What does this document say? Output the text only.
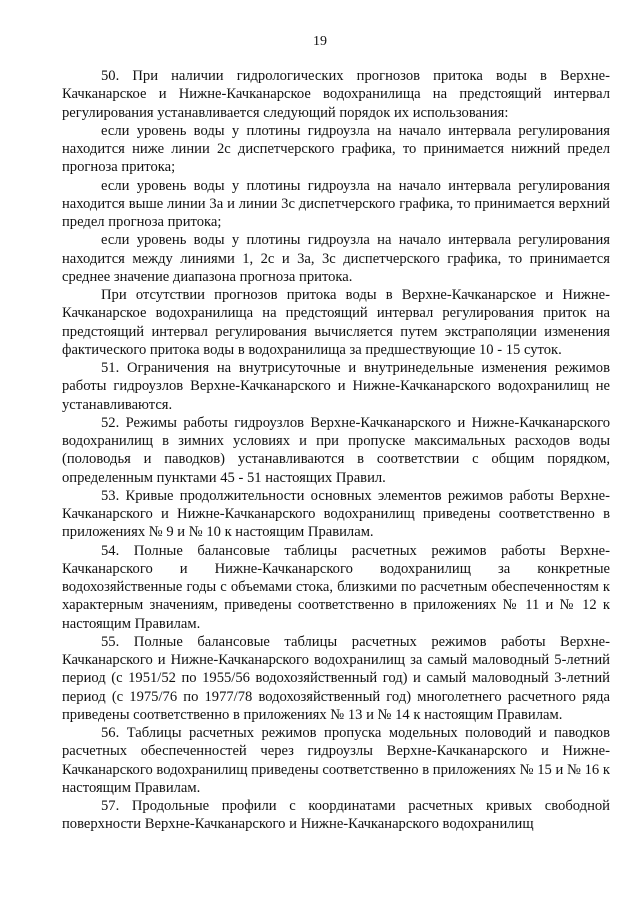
19

50. При наличии гидрологических прогнозов притока воды в Верхне-Качканарское и Нижне-Качканарское водохранилища на предстоящий интервал регулирования устанавливается следующий порядок их использования:

если уровень воды у плотины гидроузла на начало интервала регулирования находится ниже линии 2с диспетчерского графика, то принимается нижний предел прогноза притока;

если уровень воды у плотины гидроузла на начало интервала регулирования находится выше линии 3а и линии 3с диспетчерского графика, то принимается верхний предел прогноза притока;

если уровень воды у плотины гидроузла на начало интервала регулирования находится между линиями 1, 2с и 3а, 3с диспетчерского графика, то принимается среднее значение диапазона прогноза притока.

При отсутствии прогнозов притока воды в Верхне-Качканарское и Нижне-Качканарское водохранилища на предстоящий интервал регулирования приток на предстоящий интервал регулирования вычисляется путем экстраполяции изменения фактического притока воды в водохранилища за предшествующие 10 - 15 суток.

51. Ограничения на внутрисуточные и внутринедельные изменения режимов работы гидроузлов Верхне-Качканарского и Нижне-Качканарского водохранилищ не устанавливаются.

52. Режимы работы гидроузлов Верхне-Качканарского и Нижне-Качканарского водохранилищ в зимних условиях и при пропуске максимальных расходов воды (половодья и паводков) устанавливаются в соответствии с общим порядком, определенным пунктами 45 - 51 настоящих Правил.

53. Кривые продолжительности основных элементов режимов работы Верхне-Качканарского и Нижне-Качканарского водохранилищ приведены соответственно в приложениях № 9 и № 10 к настоящим Правилам.

54. Полные балансовые таблицы расчетных режимов работы Верхне-Качканарского и Нижне-Качканарского водохранилищ за конкретные водохозяйственные годы с объемами стока, близкими по расчетным обеспеченностям к характерным значениям, приведены соответственно в приложениях № 11 и № 12 к настоящим Правилам.

55. Полные балансовые таблицы расчетных режимов работы Верхне-Качканарского и Нижне-Качканарского водохранилищ за самый маловодный 5-летний период (с 1951/52 по 1955/56 водохозяйственный год) и самый маловодный 3-летний период (с 1975/76 по 1977/78 водохозяйственный год) многолетнего расчетного ряда приведены соответственно в приложениях № 13 и № 14 к настоящим Правилам.

56. Таблицы расчетных режимов пропуска модельных половодий и паводков расчетных обеспеченностей через гидроузлы Верхне-Качканарского и Нижне-Качканарского водохранилищ приведены соответственно в приложениях № 15 и № 16 к настоящим Правилам.

57. Продольные профили с координатами расчетных кривых свободной поверхности Верхне-Качканарского и Нижне-Качканарского водохранилищ
